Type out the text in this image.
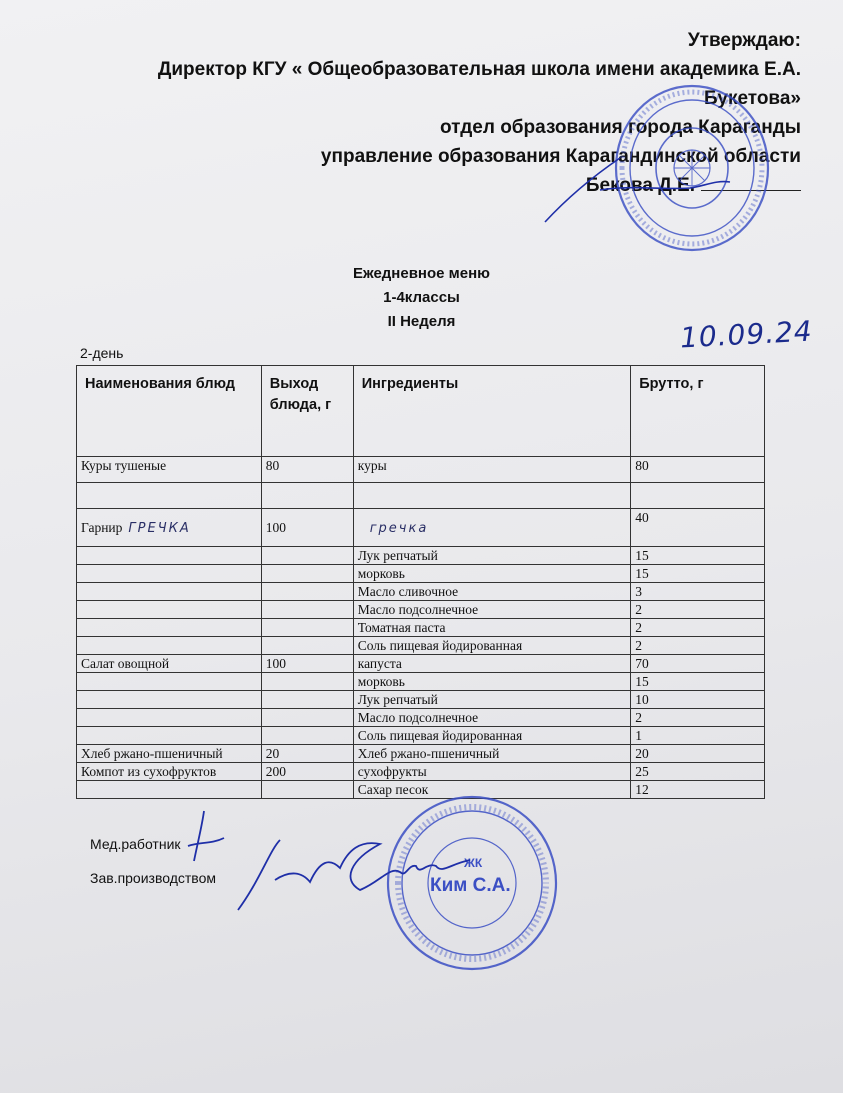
Утверждаю:
Директор КГУ « Общеобразовательная школа имени академика Е.А.
Букетова»
отдел образования города Караганды
управление образования Карагандинской области
Бекова Д.Е.
Ежедневное меню
1-4классы
II Неделя
2-день	10.09.24
Наименования блюд	Выход блюда, г	Ингредиенты	Брутто, г
Куры тушеные	80	куры	80

Гарнир ГРЕЧКА	100	гречка	40
		Лук репчатый	15
		морковь	15
		Масло сливочное	3
		Масло подсолнечное	2
		Томатная паста	2
		Соль пищевая йодированная	2
Салат овощной	100	капуста	70
		морковь	15
		Лук репчатый	10
		Масло подсолнечное	2
		Соль пищевая йодированная	1
Хлеб ржано-пшеничный	20	Хлеб ржано-пшеничный	20
Компот из сухофруктов	200	сухофрукты	25
		Сахар песок	12
Мед.работник
Зав.производством
ЖК
Ким С.А.
